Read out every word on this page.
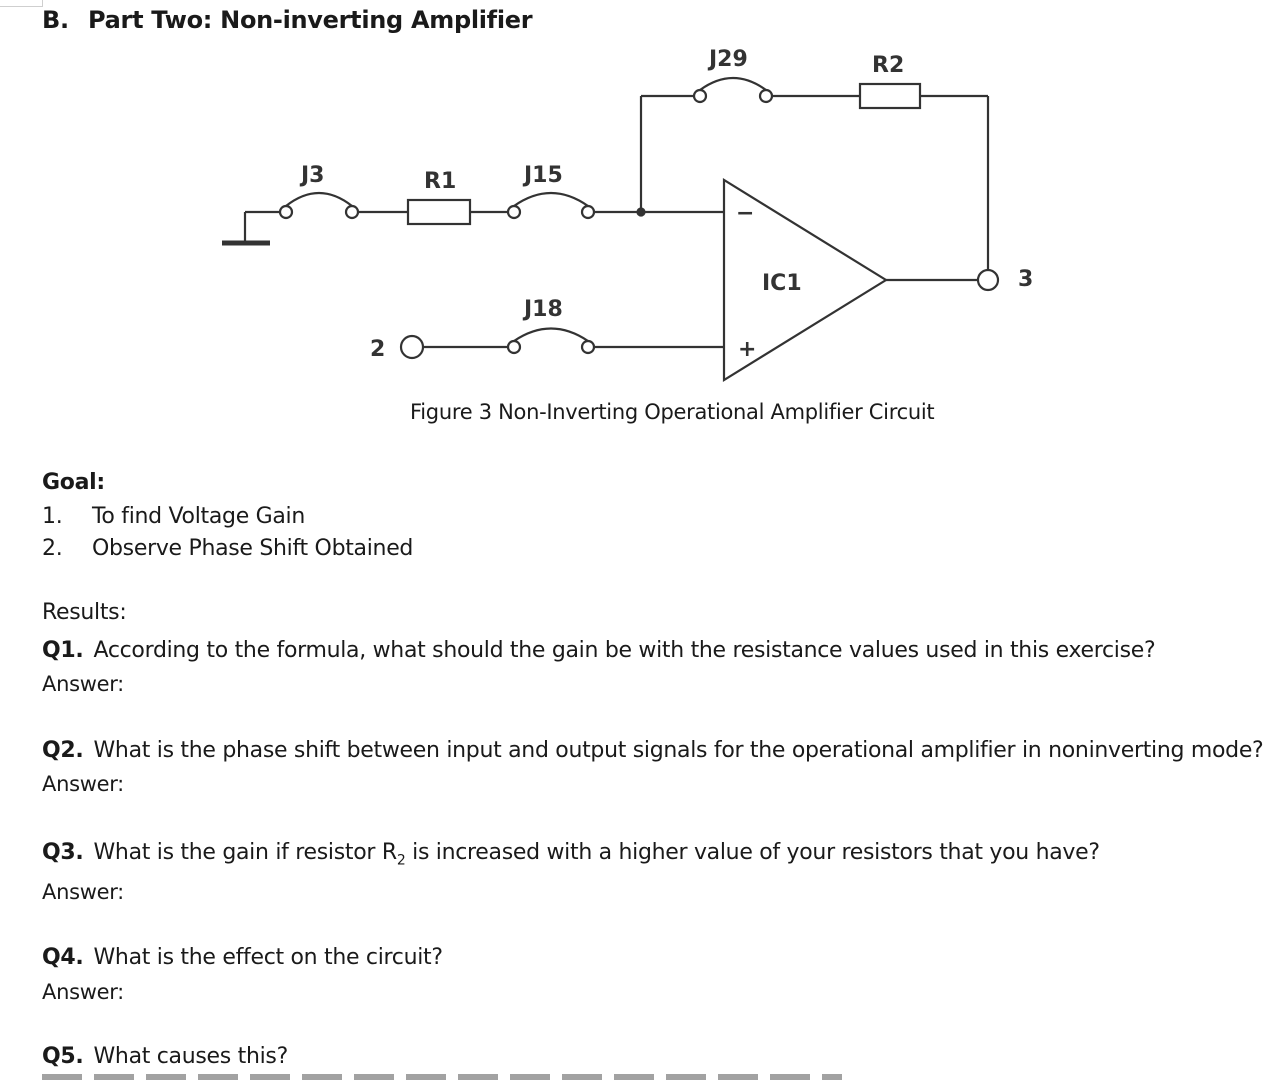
B. Part Two: Non-inverting Amplifier
J29	R2
J3	R1	J15
J18
IC1
−
+
2
3
Figure 3 Non-Inverting Operational Amplifier Circuit
Goal:
1. To find Voltage Gain
2. Observe Phase Shift Obtained
Results:
Q1. According to the formula, what should the gain be with the resistance values used in this exercise?
Answer:
Q2. What is the phase shift between input and output signals for the operational amplifier in noninverting mode?
Answer:
Q3. What is the gain if resistor $R_2$ is increased with a higher value of your resistors that you have?
Answer:
Q4. What is the effect on the circuit?
Answer:
Q5. What causes this?
